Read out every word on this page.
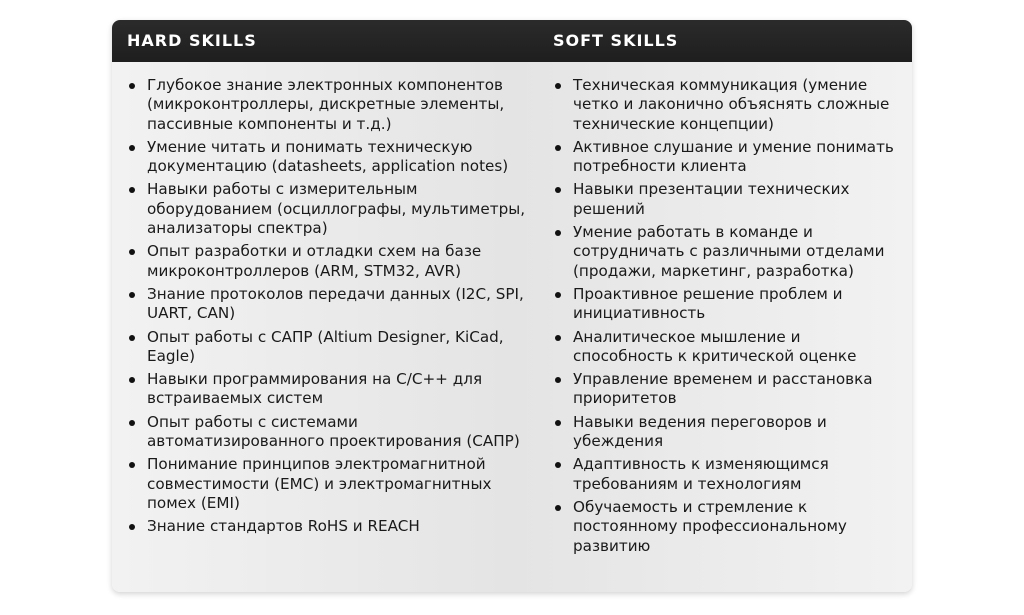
HARD SKILLS	SOFT SKILLS
Глубокое знание электронных компонентов (микроконтроллеры, дискретные элементы, пассивные компоненты и т.д.)
Умение читать и понимать техническую документацию (datasheets, application notes)
Навыки работы с измерительным оборудованием (осциллографы, мультиметры, анализаторы спектра)
Опыт разработки и отладки схем на базе микроконтроллеров (ARM, STM32, AVR)
Знание протоколов передачи данных (I2C, SPI, UART, CAN)
Опыт работы с САПР (Altium Designer, KiCad, Eagle)
Навыки программирования на C/C++ для встраиваемых систем
Опыт работы с системами автоматизированного проектирования (САПР)
Понимание принципов электромагнитной совместимости (EMC) и электромагнитных помех (EMI)
Знание стандартов RoHS и REACH
Техническая коммуникация (умение четко и лаконично объяснять сложные технические концепции)
Активное слушание и умение понимать потребности клиента
Навыки презентации технических решений
Умение работать в команде и сотрудничать с различными отделами (продажи, маркетинг, разработка)
Проактивное решение проблем и инициативность
Аналитическое мышление и способность к критической оценке
Управление временем и расстановка приоритетов
Навыки ведения переговоров и убеждения
Адаптивность к изменяющимся требованиям и технологиям
Обучаемость и стремление к постоянному профессиональному развитию
